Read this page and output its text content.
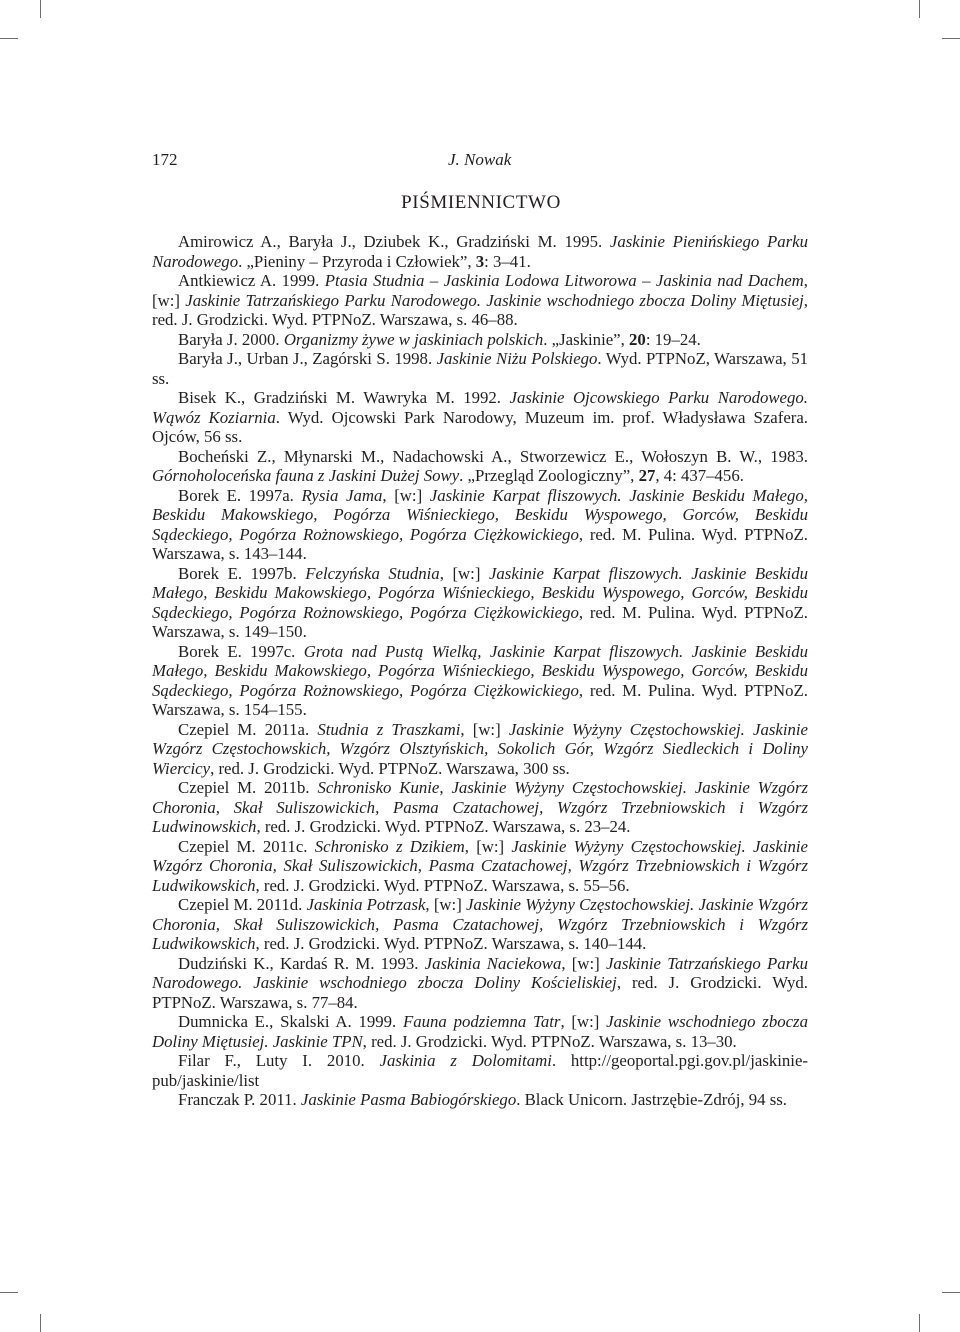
172	J. Nowak
PIŚMIENNICTWO

Amirowicz A., Baryła J., Dziubek K., Gradziński M. 1995. Jaskinie Pienińskiego Parku Narodowego. „Pieniny – Przyroda i Człowiek”, 3: 3–41.

Antkiewicz A. 1999. Ptasia Studnia – Jaskinia Lodowa Litworowa – Jaskinia nad Dachem, [w:] Jaskinie Tatrzańskiego Parku Narodowego. Jaskinie wschodniego zbocza Doliny Miętusiej, red. J. Grodzicki. Wyd. PTPNoZ. Warszawa, s. 46–88.

Baryła J. 2000. Organizmy żywe w jaskiniach polskich. „Jaskinie”, 20: 19–24.

Baryła J., Urban J., Zagórski S. 1998. Jaskinie Niżu Polskiego. Wyd. PTPNoZ, Warszawa, 51 ss.

Bisek K., Gradziński M. Wawryka M. 1992. Jaskinie Ojcowskiego Parku Narodowego. Wąwóz Koziarnia. Wyd. Ojcowski Park Narodowy, Muzeum im. prof. Władysława Szafera. Ojców, 56 ss.

Bocheński Z., Młynarski M., Nadachowski A., Stworzewicz E., Wołoszyn B. W., 1983. Górnoholoceńska fauna z Jaskini Dużej Sowy. „Przegląd Zoologiczny”, 27, 4: 437–456.

Borek E. 1997a. Rysia Jama, [w:] Jaskinie Karpat fliszowych. Jaskinie Beskidu Małego, Beskidu Makowskiego, Pogórza Wiśnieckiego, Beskidu Wyspowego, Gorców, Beskidu Sądeckiego, Pogórza Rożnowskiego, Pogórza Ciężkowickiego, red. M. Pulina. Wyd. PTPNoZ. Warszawa, s. 143–144.

Borek E. 1997b. Felczyńska Studnia, [w:] Jaskinie Karpat fliszowych. Jaskinie Beskidu Małego, Beskidu Makowskiego, Pogórza Wiśnieckiego, Beskidu Wyspowego, Gorców, Beskidu Sądeckiego, Pogórza Rożnowskiego, Pogórza Ciężkowickiego, red. M. Pulina. Wyd. PTPNoZ. Warszawa, s. 149–150.

Borek E. 1997c. Grota nad Pustą Wielką, Jaskinie Karpat fliszowych. Jaskinie Beskidu Małego, Beskidu Makowskiego, Pogórza Wiśnieckiego, Beskidu Wyspowego, Gorców, Beskidu Sądeckiego, Pogórza Rożnowskiego, Pogórza Ciężkowickiego, red. M. Pulina. Wyd. PTPNoZ. Warszawa, s. 154–155.

Czepiel M. 2011a. Studnia z Traszkami, [w:] Jaskinie Wyżyny Częstochowskiej. Jaskinie Wzgórz Częstochowskich, Wzgórz Olsztyńskich, Sokolich Gór, Wzgórz Siedleckich i Doliny Wiercicy, red. J. Grodzicki. Wyd. PTPNoZ. Warszawa, 300 ss.

Czepiel M. 2011b. Schronisko Kunie, Jaskinie Wyżyny Częstochowskiej. Jaskinie Wzgórz Choronia, Skał Suliszowickich, Pasma Czatachowej, Wzgórz Trzebniowskich i Wzgórz Ludwinowskich, red. J. Grodzicki. Wyd. PTPNoZ. Warszawa, s. 23–24.

Czepiel M. 2011c. Schronisko z Dzikiem, [w:] Jaskinie Wyżyny Częstochowskiej. Jaskinie Wzgórz Choronia, Skał Suliszowickich, Pasma Czatachowej, Wzgórz Trzebniowskich i Wzgórz Ludwikowskich, red. J. Grodzicki. Wyd. PTPNoZ. Warszawa, s. 55–56.

Czepiel M. 2011d. Jaskinia Potrzask, [w:] Jaskinie Wyżyny Częstochowskiej. Jaskinie Wzgórz Choronia, Skał Suliszowickich, Pasma Czatachowej, Wzgórz Trzebniowskich i Wzgórz Ludwikowskich, red. J. Grodzicki. Wyd. PTPNoZ. Warszawa, s. 140–144.

Dudziński K., Kardaś R. M. 1993. Jaskinia Naciekowa, [w:] Jaskinie Tatrzańskiego Parku Narodowego. Jaskinie wschodniego zbocza Doliny Kościeliskiej, red. J. Grodzicki. Wyd. PTPNoZ. Warszawa, s. 77–84.

Dumnicka E., Skalski A. 1999. Fauna podziemna Tatr, [w:] Jaskinie wschodniego zbocza Doliny Miętusiej. Jaskinie TPN, red. J. Grodzicki. Wyd. PTPNoZ. Warszawa, s. 13–30.

Filar F., Luty I. 2010. Jaskinia z Dolomitami. http://geoportal.pgi.gov.pl/jaskinie-pub/jaskinie/list

Franczak P. 2011. Jaskinie Pasma Babiogórskiego. Black Unicorn. Jastrzębie-Zdrój, 94 ss.
